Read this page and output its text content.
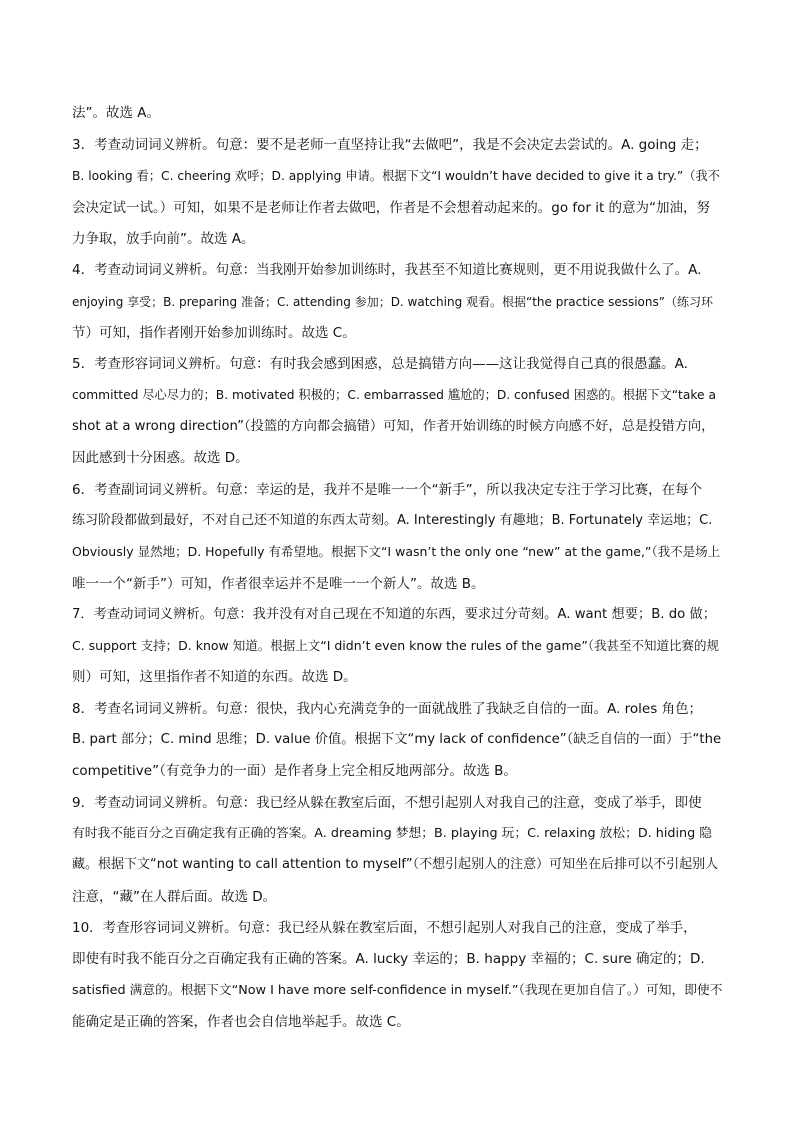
法”。故选 A。
3．考查动词词义辨析。句意：要不是老师一直坚持让我“去做吧”，我是不会决定去尝试的。A. going 走；
B. looking 看；C. cheering 欢呼；D. applying 申请。根据下文“I wouldn’t have decided to give it a try.”（我不
会决定试一试。）可知，如果不是老师让作者去做吧，作者是不会想着动起来的。go for it 的意为“加油，努
力争取，放手向前”。故选 A。
4．考查动词词义辨析。句意：当我刚开始参加训练时，我甚至不知道比赛规则，更不用说我做什么了。A.
enjoying 享受；B. preparing 准备；C. attending 参加；D. watching 观看。根据“the practice sessions”（练习环
节）可知，指作者刚开始参加训练时。故选 C。
5．考查形容词词义辨析。句意：有时我会感到困惑，总是搞错方向——这让我觉得自己真的很愚蠢。A.
committed 尽心尽力的；B. motivated 积极的；C. embarrassed 尴尬的；D. confused 困惑的。根据下文“take a
shot at a wrong direction”（投篮的方向都会搞错）可知，作者开始训练的时候方向感不好，总是投错方向，
因此感到十分困惑。故选 D。
6．考查副词词义辨析。句意：幸运的是，我并不是唯一一个“新手”，所以我决定专注于学习比赛，在每个
练习阶段都做到最好，不对自己还不知道的东西太苛刻。A. Interestingly 有趣地；B. Fortunately 幸运地；C.
Obviously 显然地；D. Hopefully 有希望地。根据下文“I wasn’t the only one “new” at the game,”（我不是场上
唯一一个“新手”）可知，作者很幸运并不是唯一一个新人”。故选 B。
7．考查动词词义辨析。句意：我并没有对自己现在不知道的东西，要求过分苛刻。A. want 想要；B. do 做；
C. support 支持；D. know 知道。根据上文“I didn’t even know the rules of the game”（我甚至不知道比赛的规
则）可知，这里指作者不知道的东西。故选 D。
8．考查名词词义辨析。句意：很快，我内心充满竞争的一面就战胜了我缺乏自信的一面。A. roles 角色；
B. part 部分；C. mind 思维；D. value 价值。根据下文“my lack of confidence”（缺乏自信的一面）于“the
competitive”（有竞争力的一面）是作者身上完全相反地两部分。故选 B。
9．考查动词词义辨析。句意：我已经从躲在教室后面，不想引起别人对我自己的注意，变成了举手，即使
有时我不能百分之百确定我有正确的答案。A. dreaming 梦想；B. playing 玩；C. relaxing 放松；D. hiding 隐
藏。根据下文“not wanting to call attention to myself”（不想引起别人的注意）可知坐在后排可以不引起别人
注意，“藏”在人群后面。故选 D。
10．考查形容词词义辨析。句意：我已经从躲在教室后面，不想引起别人对我自己的注意，变成了举手，
即使有时我不能百分之百确定我有正确的答案。A. lucky 幸运的；B. happy 幸福的；C. sure 确定的；D.
satisfied 满意的。根据下文“Now I have more self-confidence in myself.”（我现在更加自信了。）可知，即使不
能确定是正确的答案，作者也会自信地举起手。故选 C。
